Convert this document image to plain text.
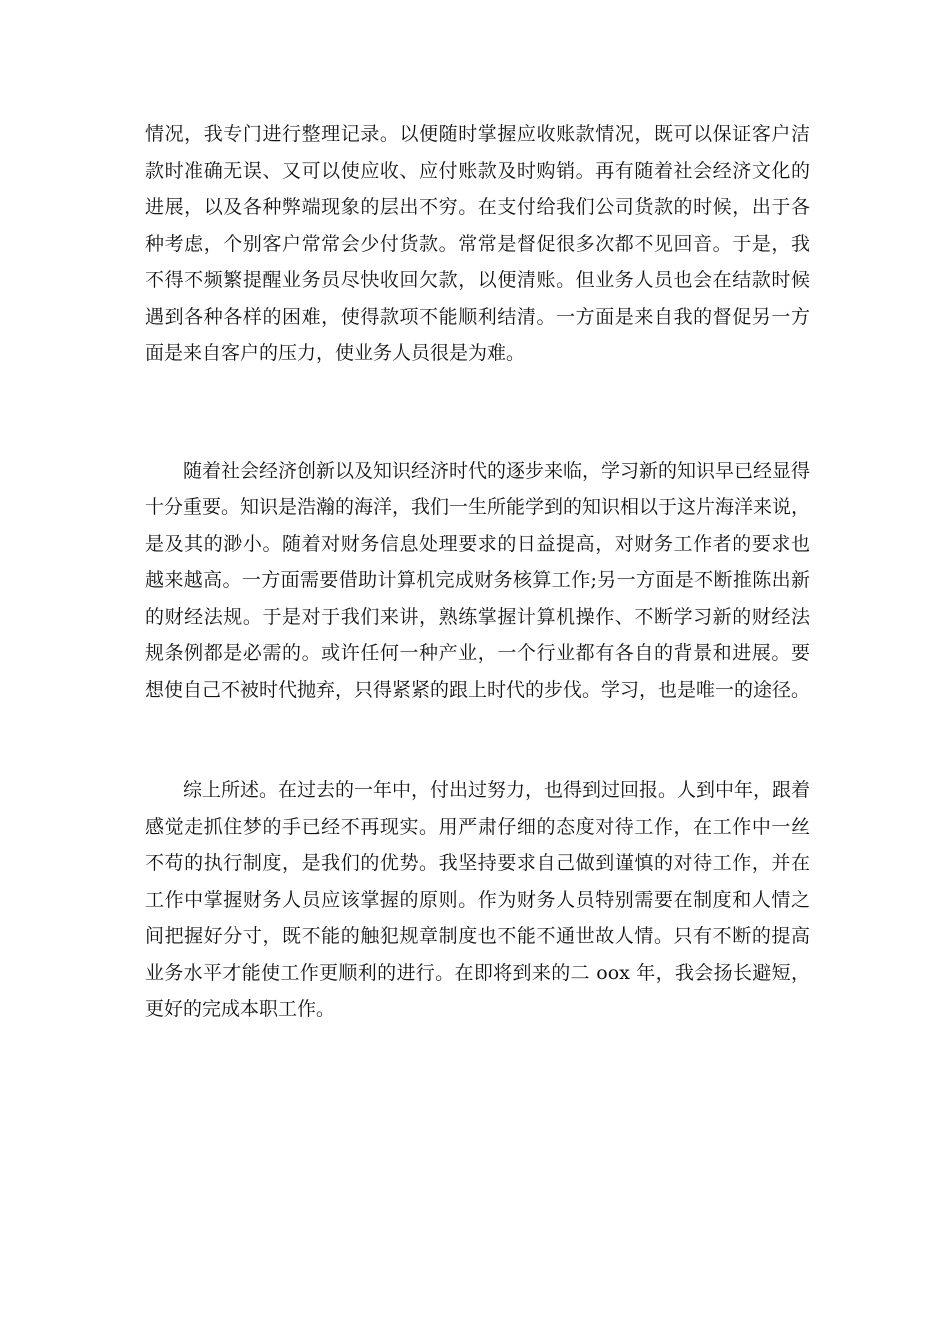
情况，我专门进行整理记录。以便随时掌握应收账款情况，既可以保证客户洁
款时准确无误、又可以使应收、应付账款及时购销。再有随着社会经济文化的
进展，以及各种弊端现象的层出不穷。在支付给我们公司货款的时候，出于各
种考虑，个别客户常常会少付货款。常常是督促很多次都不见回音。于是，我
不得不频繁提醒业务员尽快收回欠款，以便清账。但业务人员也会在结款时候
遇到各种各样的困难，使得款项不能顺利结清。一方面是来自我的督促另一方
面是来自客户的压力，使业务人员很是为难。
　　随着社会经济创新以及知识经济时代的逐步来临，学习新的知识早已经显得
十分重要。知识是浩瀚的海洋，我们一生所能学到的知识相以于这片海洋来说，
是及其的渺小。随着对财务信息处理要求的日益提高，对财务工作者的要求也
越来越高。一方面需要借助计算机完成财务核算工作;另一方面是不断推陈出新
的财经法规。于是对于我们来讲，熟练掌握计算机操作、不断学习新的财经法
规条例都是必需的。或许任何一种产业，一个行业都有各自的背景和进展。要
想使自己不被时代抛弃，只得紧紧的跟上时代的步伐。学习，也是唯一的途径。
　　综上所述。在过去的一年中，付出过努力，也得到过回报。人到中年，跟着
感觉走抓住梦的手已经不再现实。用严肃仔细的态度对待工作，在工作中一丝
不苟的执行制度，是我们的优势。我坚持要求自己做到谨慎的对待工作，并在
工作中掌握财务人员应该掌握的原则。作为财务人员特别需要在制度和人情之
间把握好分寸，既不能的触犯规章制度也不能不通世故人情。只有不断的提高
业务水平才能使工作更顺利的进行。在即将到来的二 oox 年，我会扬长避短，
更好的完成本职工作。
